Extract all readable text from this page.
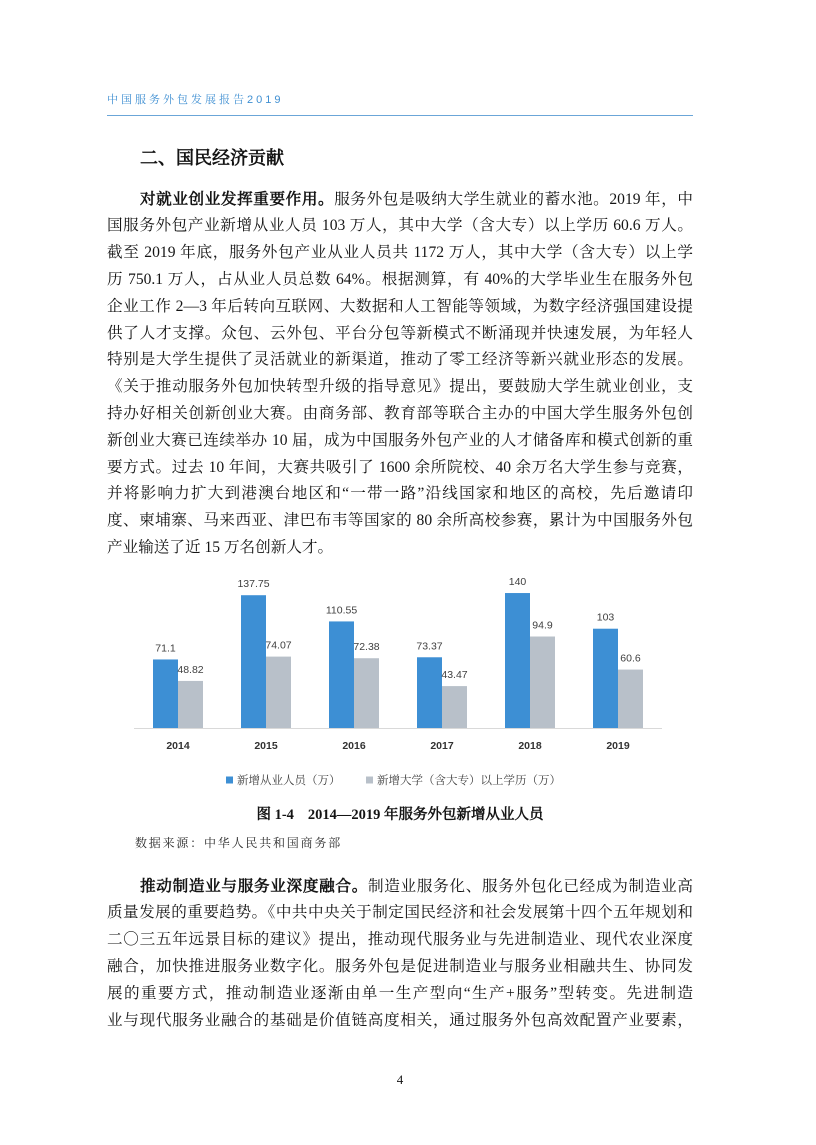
中国服务外包发展报告2019
二、国民经济贡献
对就业创业发挥重要作用。服务外包是吸纳大学生就业的蓄水池。2019 年，中
国服务外包产业新增从业人员 103 万人，其中大学（含大专）以上学历 60.6 万人。
截至 2019 年底，服务外包产业从业人员共 1172 万人，其中大学（含大专）以上学
历 750.1 万人，占从业人员总数 64%。根据测算，有 40%的大学毕业生在服务外包
企业工作 2—3 年后转向互联网、大数据和人工智能等领域，为数字经济强国建设提
供了人才支撑。众包、云外包、平台分包等新模式不断涌现并快速发展，为年轻人
特别是大学生提供了灵活就业的新渠道，推动了零工经济等新兴就业形态的发展。
《关于推动服务外包加快转型升级的指导意见》提出，要鼓励大学生就业创业，支
持办好相关创新创业大赛。由商务部、教育部等联合主办的中国大学生服务外包创
新创业大赛已连续举办 10 届，成为中国服务外包产业的人才储备库和模式创新的重
要方式。过去 10 年间，大赛共吸引了 1600 余所院校、40 余万名大学生参与竞赛，
并将影响力扩大到港澳台地区和“一带一路”沿线国家和地区的高校，先后邀请印
度、柬埔寨、马来西亚、津巴布韦等国家的 80 余所高校参赛，累计为中国服务外包
产业输送了近 15 万名创新人才。
71.1
137.75
110.55
73.37
140
103
48.82
74.07	72.38
43.47
94.9
60.6
2014	2015	2016	2017	2018	2019
新增从业人员（万）	新增大学（含大专）以上学历（万）
图 1-4 2014—2019 年服务外包新增从业人员
数据来源：中华人民共和国商务部
推动制造业与服务业深度融合。制造业服务化、服务外包化已经成为制造业高
质量发展的重要趋势。《中共中央关于制定国民经济和社会发展第十四个五年规划和
二〇三五年远景目标的建议》提出，推动现代服务业与先进制造业、现代农业深度
融合，加快推进服务业数字化。服务外包是促进制造业与服务业相融共生、协同发
展的重要方式，推动制造业逐渐由单一生产型向“生产+服务”型转变。先进制造
业与现代服务业融合的基础是价值链高度相关，通过服务外包高效配置产业要素，
4
